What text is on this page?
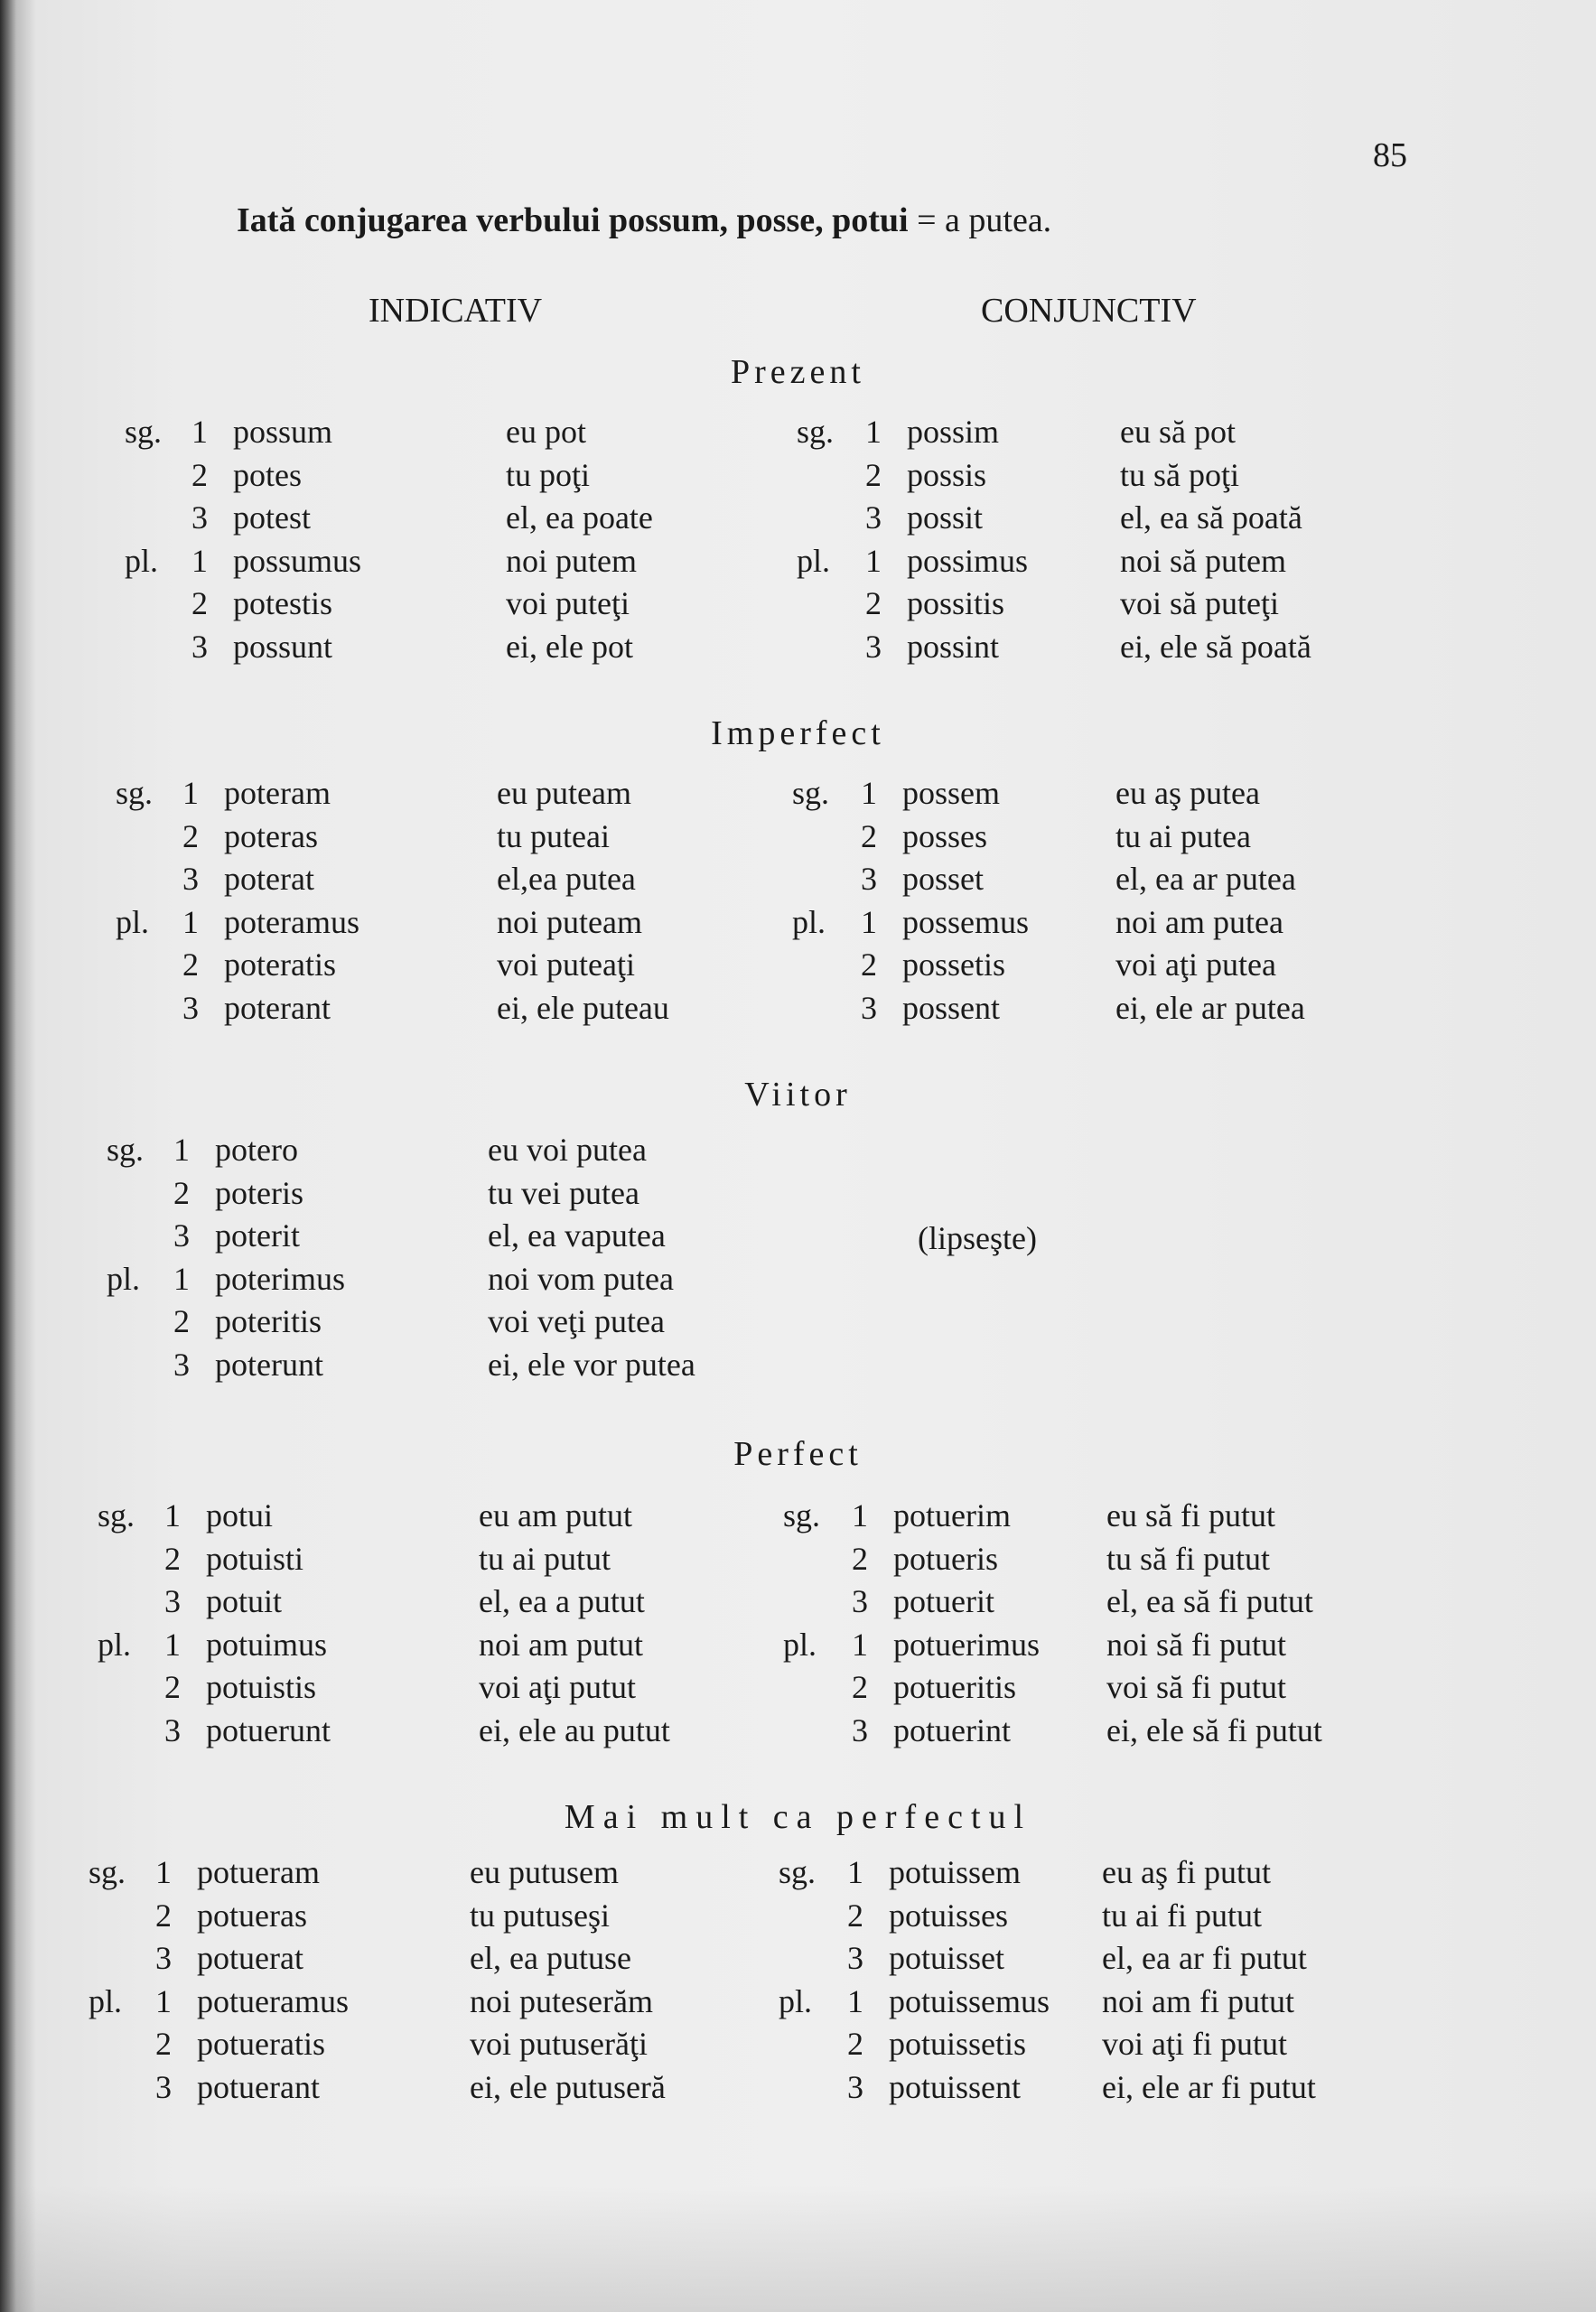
85
Iată conjugarea verbului possum, posse, potui = a putea.
INDICATIV	CONJUNCTIV
Prezent
Imperfect
Viitor
Perfect
Mai mult ca perfectul
(lipseşte)
sg. 1 possum	eu pot
2 potes	tu poţi
3 potest	el, ea poate
pl. 1 possumus	noi putem
2 potestis	voi puteţi
3 possunt	ei, ele pot
sg. 1 possim	eu să pot
2 possis	tu să poţi
3 possit	el, ea să poată
pl. 1 possimus	noi să putem
2 possitis	voi să puteţi
3 possint	ei, ele să poată
sg. 1 poteram	eu puteam
2 poteras	tu puteai
3 poterat	el,ea putea
pl. 1 poteramus	noi puteam
2 poteratis	voi puteaţi
3 poterant	ei, ele puteau
sg. 1 possem	eu aş putea
2 posses	tu ai putea
3 posset	el, ea ar putea
pl. 1 possemus	noi am putea
2 possetis	voi aţi putea
3 possent	ei, ele ar putea
sg. 1 potero	eu voi putea
2 poteris	tu vei putea
3 poterit	el, ea vaputea
pl. 1 poterimus	noi vom putea
2 poteritis	voi veţi putea
3 poterunt	ei, ele vor putea
sg. 1 potui	eu am putut
2 potuisti	tu ai putut
3 potuit	el, ea a putut
pl. 1 potuimus	noi am putut
2 potuistis	voi aţi putut
3 potuerunt	ei, ele au putut
sg. 1 potuerim	eu să fi putut
2 potueris	tu să fi putut
3 potuerit	el, ea să fi putut
pl. 1 potuerimus noi să fi putut
2 potueritis	voi să fi putut
3 potuerint	ei, ele să fi putut
sg. 1 potueram	eu putusem
2 potueras	tu putuseşi
3 potuerat	el, ea putuse
pl. 1 potueramus	noi puteserăm
2 potueratis	voi putuserăţi
3 potuerant	ei, ele putuseră
sg. 1 potuissem eu aş fi putut
2 potuisses	tu ai fi putut
3 potuisset	el, ea ar fi putut
pl. 1 potuissemus noi am fi putut
2 potuissetis voi aţi fi putut
3 potuissent ei, ele ar fi putut
